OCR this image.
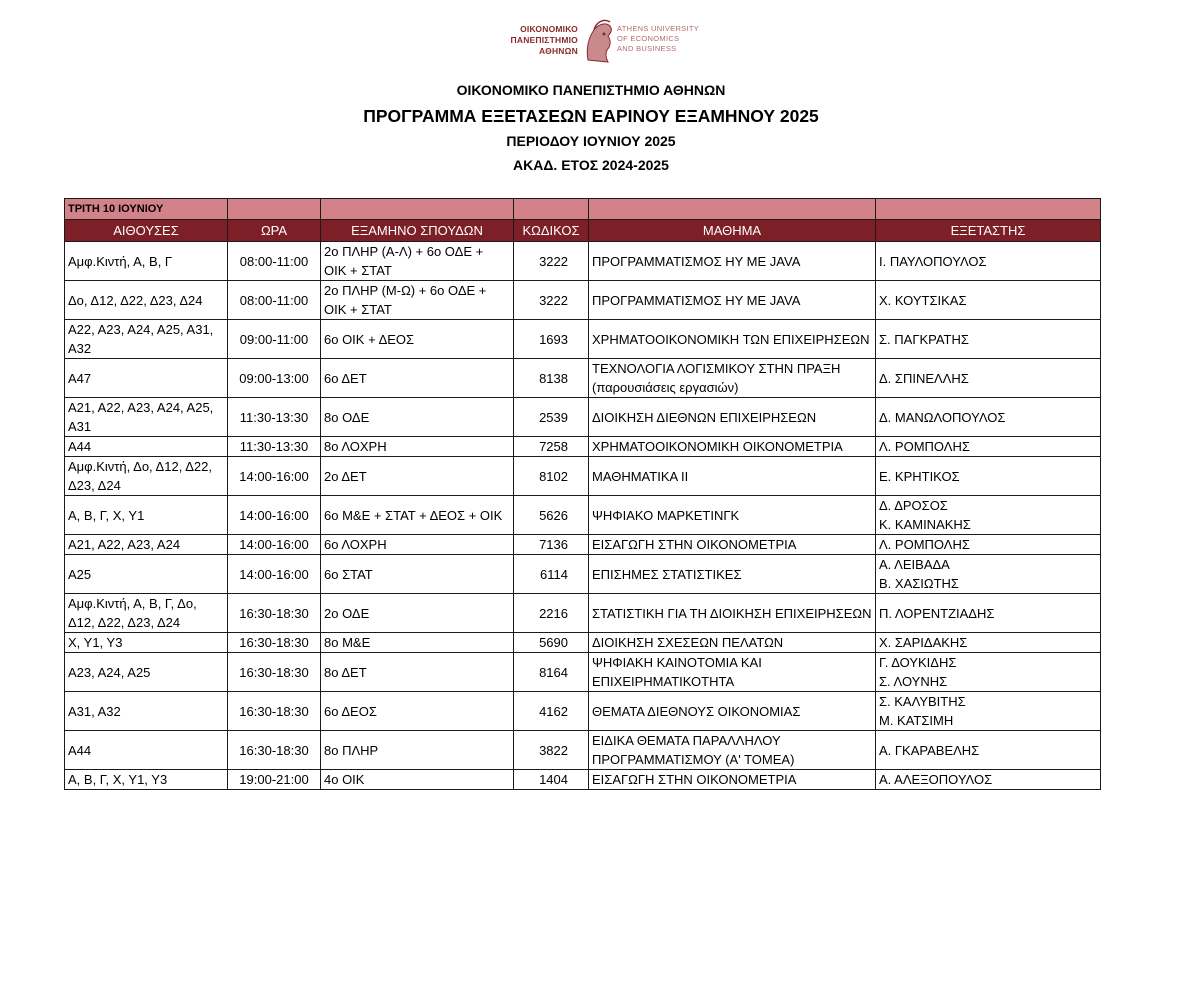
ΟΙΚΟΝΟΜΙΚΟ
ΠΑΝΕΠΙΣΤΗΜΙΟ
ΑΘΗΝΩΝ
ATHENS UNIVERSITY
OF ECONOMICS
AND BUSINESS
ΟΙΚΟΝΟΜΙΚΟ ΠΑΝΕΠΙΣΤΗΜΙΟ ΑΘΗΝΩΝ
ΠΡΟΓΡΑΜΜΑ ΕΞΕΤΑΣΕΩΝ ΕΑΡΙΝΟΥ ΕΞΑΜΗΝΟΥ 2025
ΠΕΡΙΟΔΟΥ ΙΟΥΝΙΟΥ 2025
ΑΚΑΔ. ΕΤΟΣ 2024-2025
ΤΡΙΤΗ 10 ΙΟΥΝΙΟΥ					
ΑΙΘΟΥΣΕΣ	ΩΡΑ	ΕΞΑΜΗΝΟ ΣΠΟΥΔΩΝ	ΚΩΔΙΚΟΣ	ΜΑΘΗΜΑ	ΕΞΕΤΑΣΤΗΣ

Αμφ.Κιντή, Α, Β, Γ	08:00-11:00	2ο ΠΛΗΡ (Α-Λ) + 6ο ΟΔΕ +
ΟΙΚ + ΣΤΑΤ	3222	ΠΡΟΓΡΑΜΜΑΤΙΣΜΟΣ ΗΥ ΜΕ JAVA	Ι. ΠΑΥΛΟΠΟΥΛΟΣ

Δο, Δ12, Δ22, Δ23, Δ24	08:00-11:00	2ο ΠΛΗΡ (Μ-Ω) + 6ο ΟΔΕ +
ΟΙΚ + ΣΤΑΤ	3222	ΠΡΟΓΡΑΜΜΑΤΙΣΜΟΣ ΗΥ ΜΕ JAVA	Χ. ΚΟΥΤΣΙΚΑΣ

Α22, Α23, Α24, Α25, Α31,
Α32	09:00-11:00	6ο ΟΙΚ + ΔΕΟΣ	1693	ΧΡΗΜΑΤΟΟΙΚΟΝΟΜΙΚΗ ΤΩΝ ΕΠΙΧΕΙΡΗΣΕΩΝ	Σ. ΠΑΓΚΡΑΤΗΣ

Α47	09:00-13:00	6ο ΔΕΤ	8138	ΤΕΧΝΟΛΟΓΙΑ ΛΟΓΙΣΜΙΚΟΥ ΣΤΗΝ ΠΡΑΞΗ
(παρουσιάσεις εργασιών)	Δ. ΣΠΙΝΕΛΛΗΣ

Α21, Α22, Α23, Α24, Α25,
Α31	11:30-13:30	8ο ΟΔΕ	2539	ΔΙΟΙΚΗΣΗ ΔΙΕΘΝΩΝ ΕΠΙΧΕΙΡΗΣΕΩΝ	Δ. ΜΑΝΩΛΟΠΟΥΛΟΣ

Α44	11:30-13:30	8ο ΛΟΧΡΗ	7258	ΧΡΗΜΑΤΟΟΙΚΟΝΟΜΙΚΗ ΟΙΚΟΝΟΜΕΤΡΙΑ	Λ. ΡΟΜΠΟΛΗΣ

Αμφ.Κιντή, Δο, Δ12, Δ22,
Δ23, Δ24	14:00-16:00	2ο ΔΕΤ	8102	ΜΑΘΗΜΑΤΙΚΑ ΙΙ	Ε. ΚΡΗΤΙΚΟΣ

Α, Β, Γ, Χ, Υ1	14:00-16:00	6ο Μ&Ε + ΣΤΑΤ + ΔΕΟΣ + ΟΙΚ	5626	ΨΗΦΙΑΚΟ ΜΑΡΚΕΤΙΝΓΚ	Δ. ΔΡΟΣΟΣ
Κ. ΚΑΜΙΝΑΚΗΣ

Α21, Α22, Α23, Α24	14:00-16:00	6ο ΛΟΧΡΗ	7136	ΕΙΣΑΓΩΓΗ ΣΤΗΝ ΟΙΚΟΝΟΜΕΤΡΙΑ	Λ. ΡΟΜΠΟΛΗΣ

Α25	14:00-16:00	6ο ΣΤΑΤ	6114	ΕΠΙΣΗΜΕΣ ΣΤΑΤΙΣΤΙΚΕΣ	Α. ΛΕΙΒΑΔΑ
Β. ΧΑΣΙΩΤΗΣ

Αμφ.Κιντή, Α, Β, Γ, Δο,
Δ12, Δ22, Δ23, Δ24	16:30-18:30	2ο ΟΔΕ	2216	ΣΤΑΤΙΣΤΙΚΗ ΓΙΑ ΤΗ ΔΙΟΙΚΗΣΗ ΕΠΙΧΕΙΡΗΣΕΩΝ	Π. ΛΟΡΕΝΤΖΙΑΔΗΣ

Χ, Υ1, Υ3	16:30-18:30	8ο Μ&Ε	5690	ΔΙΟΙΚΗΣΗ ΣΧΕΣΕΩΝ ΠΕΛΑΤΩΝ	Χ. ΣΑΡΙΔΑΚΗΣ

Α23, Α24, Α25	16:30-18:30	8ο ΔΕΤ	8164	ΨΗΦΙΑΚΗ ΚΑΙΝΟΤΟΜΙΑ ΚΑΙ
ΕΠΙΧΕΙΡΗΜΑΤΙΚΟΤΗΤΑ	Γ. ΔΟΥΚΙΔΗΣ
Σ. ΛΟΥΝΗΣ

Α31, Α32	16:30-18:30	6ο ΔΕΟΣ	4162	ΘΕΜΑΤΑ ΔΙΕΘΝΟΥΣ ΟΙΚΟΝΟΜΙΑΣ	Σ. ΚΑΛΥΒΙΤΗΣ
Μ. ΚΑΤΣΙΜΗ

Α44	16:30-18:30	8ο ΠΛΗΡ	3822	ΕΙΔΙΚΑ ΘΕΜΑΤΑ ΠΑΡΑΛΛΗΛΟΥ
ΠΡΟΓΡΑΜΜΑΤΙΣΜΟΥ (Α' ΤΟΜΕΑ)	Α. ΓΚΑΡΑΒΕΛΗΣ

Α, Β, Γ, Χ, Υ1, Υ3	19:00-21:00	4ο ΟΙΚ	1404	ΕΙΣΑΓΩΓΗ ΣΤΗΝ ΟΙΚΟΝΟΜΕΤΡΙΑ	Α. ΑΛΕΞΟΠΟΥΛΟΣ
